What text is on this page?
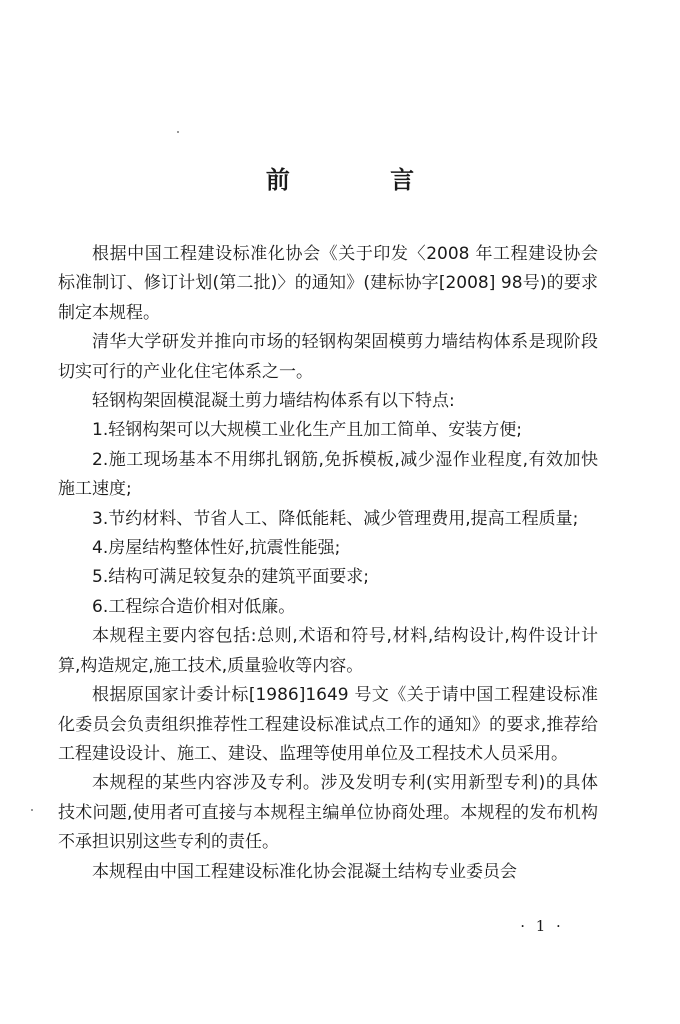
前 言

根据中国工程建设标准化协会《关于印发〈2008 年工程建设协会标准制订、修订计划(第二批)〉的通知》(建标协字[2008] 98号)的要求制定本规程。

清华大学研发并推向市场的轻钢构架固模剪力墙结构体系是现阶段切实可行的产业化住宅体系之一。

轻钢构架固模混凝土剪力墙结构体系有以下特点:

1.轻钢构架可以大规模工业化生产且加工简单、安装方便;

2.施工现场基本不用绑扎钢筋,免拆模板,减少湿作业程度,有效加快施工速度;

3.节约材料、节省人工、降低能耗、减少管理费用,提高工程质量;

4.房屋结构整体性好,抗震性能强;

5.结构可满足较复杂的建筑平面要求;

6.工程综合造价相对低廉。

本规程主要内容包括:总则,术语和符号,材料,结构设计,构件设计计算,构造规定,施工技术,质量验收等内容。

根据原国家计委计标[1986]1649 号文《关于请中国工程建设标准化委员会负责组织推荐性工程建设标准试点工作的通知》的要求,推荐给工程建设设计、施工、建设、监理等使用单位及工程技术人员采用。

本规程的某些内容涉及专利。涉及发明专利(实用新型专利)的具体技术问题,使用者可直接与本规程主编单位协商处理。本规程的发布机构不承担识别这些专利的责任。

本规程由中国工程建设标准化协会混凝土结构专业委员会

· 1 ·
